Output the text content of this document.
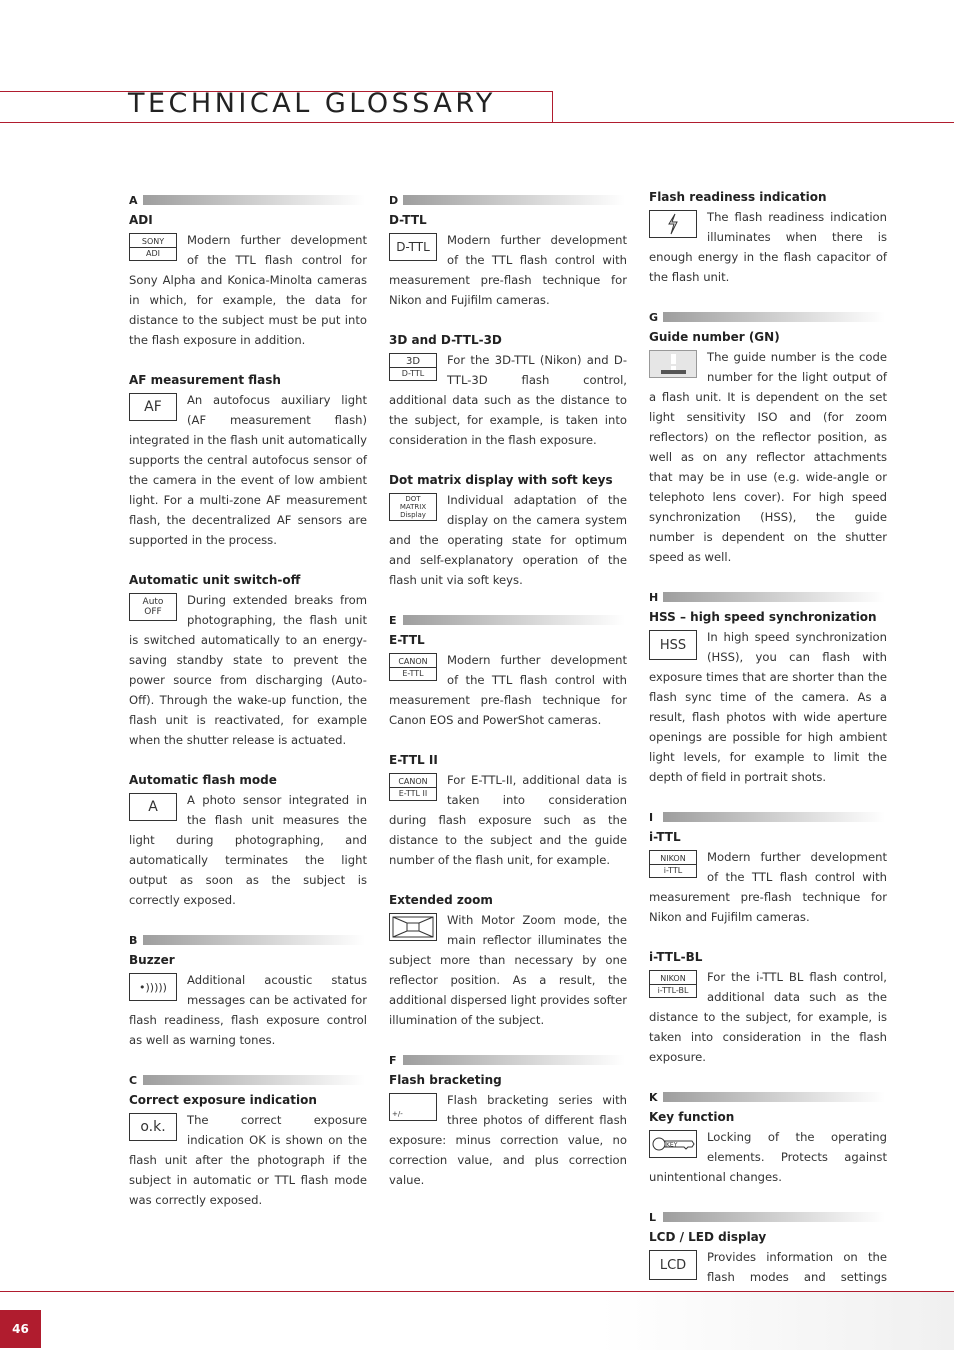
TECHNICAL GLOSSARY
A
ADI
SONY
ADI
Modern further development of the TTL flash control for Sony Alpha and Konica-Minolta cameras in which, for example, the data for distance to the subject must be put into the flash exposure in addition.
AF measurement flash
AF	An autofocus auxiliary light (AF measurement flash) integrated in the flash unit automatically supports the central autofocus sensor of the camera in the event of low ambient light. For a multi-zone AF measurement flash, the decentralized AF sensors are supported in the process.
Automatic unit switch-off
Auto
OFF
During extended breaks from photographing, the flash unit is switched automatically to an energy-saving standby state to prevent the power source from discharging (Auto-Off). Through the wake-up function, the flash unit is reactivated, for example when the shutter release is actuated.
Automatic flash mode
A	A photo sensor integrated in the flash unit measures the light during photographing, and automatically terminates the light output as soon as the subject is correctly exposed.
B
Buzzer
•)))))	Additional acoustic status messages can be activated for flash readiness, flash exposure control as well as warning tones.
C
Correct exposure indication
o.k.	The correct exposure indication OK is shown on the flash unit after the photograph if the subject in automatic or TTL flash mode was correctly exposed.
D
D-TTL
D-TTL	Modern further development of the TTL flash control with measurement pre-flash technique for Nikon and Fujifilm cameras.
3D and D-TTL-3D
3D
D-TTL
For the 3D-TTL (Nikon) and D-TTL-3D flash control, additional data such as the distance to the subject, for example, is taken into consideration in the flash exposure.
Dot matrix display with soft keys
DOT
MATRIX
Display
Individual adaptation of the display on the camera system and the operating state for optimum and self-explanatory operation of the flash unit via soft keys.
E
E-TTL
CANON
E-TTL
Modern further development of the TTL flash control with measurement pre-flash technique for Canon EOS and PowerShot cameras.
E-TTL II
CANON
E-TTL II
For E-TTL-II, additional data is taken into consideration during flash exposure such as the distance to the subject and the guide number of the flash unit, for example.
Extended zoom
With Motor Zoom mode, the main reflector illuminates the subject more than necessary by one reflector position. As a result, the additional dispersed light provides softer illumination of the subject.
F
Flash bracketing
+/-
Flash bracketing series with three photos of different flash exposure: minus correction value, no correction value, and plus correction value.
Flash readiness indication
The flash readiness indication illuminates when there is enough energy in the flash capacitor of the flash unit.
G
Guide number (GN)
The guide number is the code number for the light output of a flash unit. It is dependent on the set light sensitivity ISO and (for zoom reflectors) on the reflector position, as well as on any reflector attachments that may be in use (e.g. wide-angle or telephoto lens cover). For high speed synchronization (HSS), the guide number is dependent on the shutter speed as well.
H
HSS – high speed synchronization
HSS
In high speed synchronization (HSS), you can flash with exposure times that are shorter than the flash sync time of the camera. As a result, flash photos with wide aperture openings are possible for high ambient light levels, for example to limit the depth of field in portrait shots.
I
i-TTL
NIKON
i-TTL
Modern further development of the TTL flash control with measurement pre-flash technique for Nikon and Fujifilm cameras.
i-TTL-BL
NIKON
i-TTL-BL
For the i-TTL BL flash control, additional data such as the distance to the subject, for example, is taken into consideration in the flash exposure.
K
Key function
KEY
Locking of the operating elements. Protects against unintentional changes.
L
LCD / LED display
LCD
Provides information on the flash modes and settings
46
